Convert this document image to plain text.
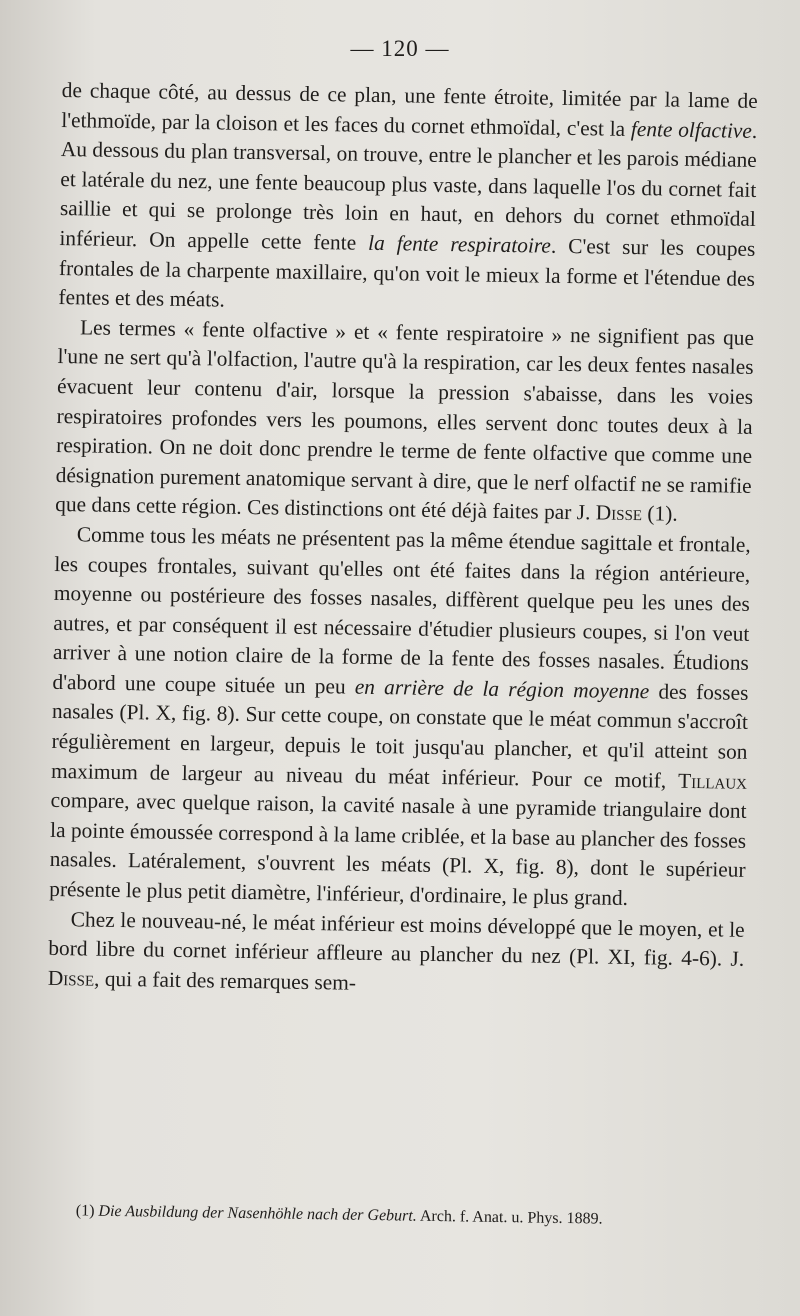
— 120 —

de chaque côté, au dessus de ce plan, une fente étroite, limitée par la lame de l'ethmoïde, par la cloison et les faces du cornet ethmoïdal, c'est la fente olfactive. Au dessous du plan transversal, on trouve, entre le plancher et les parois médiane et latérale du nez, une fente beaucoup plus vaste, dans laquelle l'os du cornet fait saillie et qui se prolonge très loin en haut, en dehors du cornet ethmoïdal inférieur. On appelle cette fente la fente respiratoire. C'est sur les coupes frontales de la charpente maxillaire, qu'on voit le mieux la forme et l'étendue des fentes et des méats.

Les termes « fente olfactive » et « fente respiratoire » ne signifient pas que l'une ne sert qu'à l'olfaction, l'autre qu'à la respiration, car les deux fentes nasales évacuent leur contenu d'air, lorsque la pression s'abaisse, dans les voies respiratoires profondes vers les poumons, elles servent donc toutes deux à la respiration. On ne doit donc prendre le terme de fente olfactive que comme une désignation purement anatomique servant à dire, que le nerf olfactif ne se ramifie que dans cette région. Ces distinctions ont été déjà faites par J. Disse (1).

Comme tous les méats ne présentent pas la même étendue sagittale et frontale, les coupes frontales, suivant qu'elles ont été faites dans la région antérieure, moyenne ou postérieure des fosses nasales, diffèrent quelque peu les unes des autres, et par conséquent il est nécessaire d'étudier plusieurs coupes, si l'on veut arriver à une notion claire de la forme de la fente des fosses nasales. Étudions d'abord une coupe située un peu en arrière de la région moyenne des fosses nasales (Pl. X, fig. 8). Sur cette coupe, on constate que le méat commun s'accroît régulièrement en largeur, depuis le toit jusqu'au plancher, et qu'il atteint son maximum de largeur au niveau du méat inférieur. Pour ce motif, Tillaux compare, avec quelque raison, la cavité nasale à une pyramide triangulaire dont la pointe émoussée correspond à la lame criblée, et la base au plancher des fosses nasales. Latéralement, s'ouvrent les méats (Pl. X, fig. 8), dont le supérieur présente le plus petit diamètre, l'inférieur, d'ordinaire, le plus grand.

Chez le nouveau-né, le méat inférieur est moins développé que le moyen, et le bord libre du cornet inférieur affleure au plancher du nez (Pl. XI, fig. 4-6). J. Disse, qui a fait des remarques sem-

(1) Die Ausbildung der Nasenhöhle nach der Geburt. Arch. f. Anat. u. Phys. 1889.
